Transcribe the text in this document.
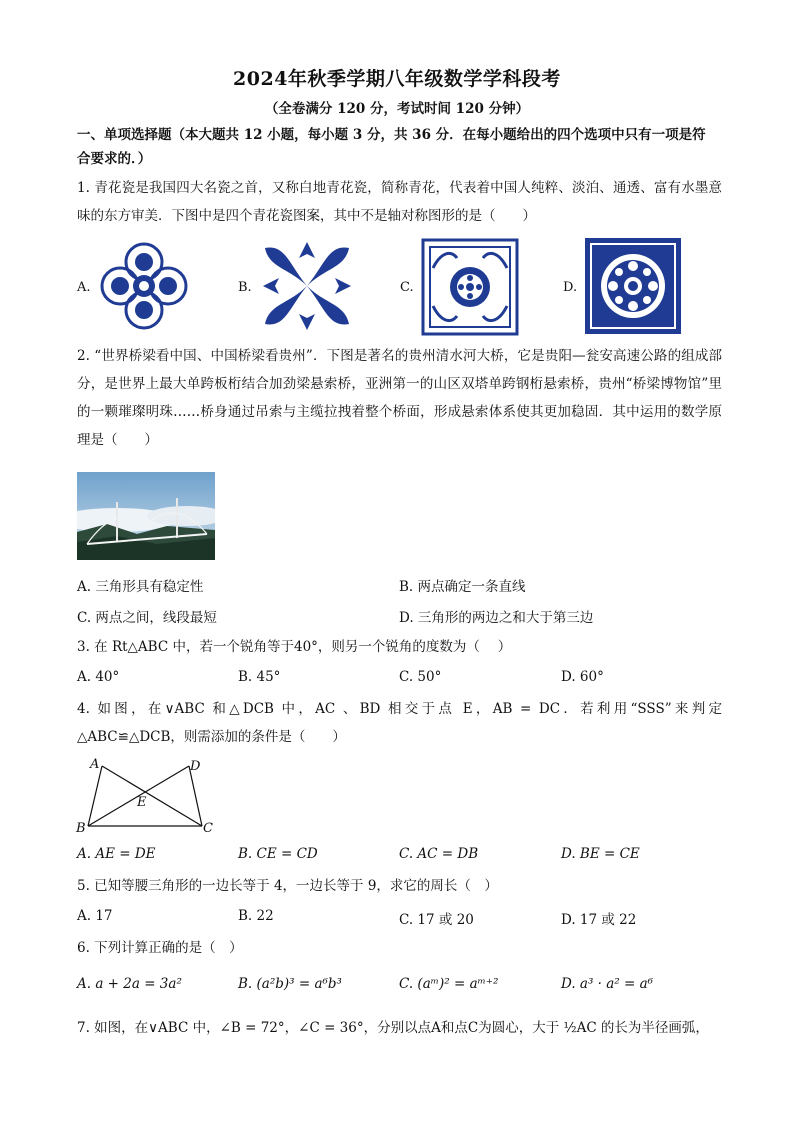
2024年秋季学期八年级数学学科段考
（全卷满分 120 分，考试时间 120 分钟）
一、单项选择题（本大题共 12 小题，每小题 3 分，共 36 分．在每小题给出的四个选项中只有一项是符合要求的．）
1. 青花瓷是我国四大名瓷之首，又称白地青花瓷，简称青花，代表着中国人纯粹、淡泊、通透、富有水墨意味的东方审美．下图中是四个青花瓷图案，其中不是轴对称图形的是（　　）
A.	B.	C.	D.
2. “世界桥梁看中国、中国桥梁看贵州”．下图是著名的贵州清水河大桥，它是贵阳—瓮安高速公路的组成部分，是世界上最大单跨板桁结合加劲梁悬索桥，亚洲第一的山区双塔单跨钢桁悬索桥，贵州“桥梁博物馆”里的一颗璀璨明珠……桥身通过吊索与主缆拉拽着整个桥面，形成悬索体系使其更加稳固．其中运用的数学原理是（　　）
A. 三角形具有稳定性	B. 两点确定一条直线
C. 两点之间，线段最短	D. 三角形的两边之和大于第三边
3. 在 Rt△ABC 中，若一个锐角等于40°，则另一个锐角的度数为（　 ）
A. 40°	B. 45°	C. 50°	D. 60°
4. 如图，在∨ABC 和△DCB 中，AC 、BD 相交于点 E，AB = DC．若利用“SSS”来判定△ABC≌△DCB，则需添加的条件是（　　）
A	D
E
B	C
A. AE = DE	B. CE = CD	C. AC = DB	D. BE = CE
5. 已知等腰三角形的一边长等于 4，一边长等于 9，求它的周长（　）
A. 17	B. 22	C. 17 或 20	D. 17 或 22
6. 下列计算正确的是（　）
A. a + 2a = 3a²	B. (a²b)³ = a⁶b³	C. (aᵐ)² = aᵐ⁺²	D. a³ · a² = a⁶
7. 如图，在∨ABC 中，∠B = 72°，∠C = 36°，分别以点A和点C为圆心，大于 ½AC 的长为半径画弧，
